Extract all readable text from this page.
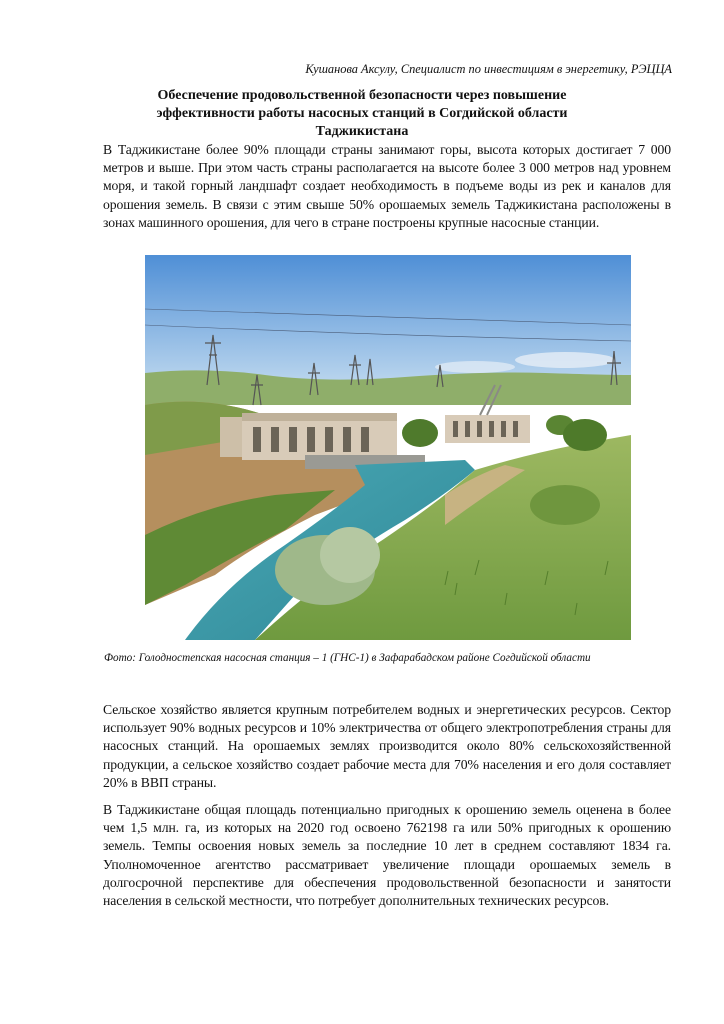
Кушанова Аксулу, Специалист по инвестициям в энергетику, РЭЦЦА
Обеспечение продовольственной безопасности через повышение
эффективности работы насосных станций в Согдийской области
Таджикистана
В Таджикистане более 90% площади страны занимают горы, высота которых достигает 7 000 метров и выше. При этом часть страны располагается на высоте более 3 000 метров над уровнем моря, и такой горный ландшафт создает необходимость в подъеме воды из рек и каналов для орошения земель. В связи с этим свыше 50% орошаемых земель Таджикистана расположены в зонах машинного орошения, для чего в стране построены крупные насосные станции.
Фото: Голодностепская насосная станция – 1 (ГНС-1) в Зафарабадском районе Согдийской области
Сельское хозяйство является крупным потребителем водных и энергетических ресурсов. Сектор использует 90% водных ресурсов и 10% электричества от общего электропотребления страны для насосных станций. На орошаемых землях производится около 80% сельскохозяйственной продукции, а сельское хозяйство создает рабочие места для 70% населения и его доля составляет 20% в ВВП страны.
В Таджикистане общая площадь потенциально пригодных к орошению земель оценена в более чем 1,5 млн. га, из которых на 2020 год освоено 762198 га или 50% пригодных к орошению земель. Темпы освоения новых земель за последние 10 лет в среднем составляют 1834 га. Уполномоченное агентство рассматривает увеличение площади орошаемых земель в долгосрочной перспективе для обеспечения продовольственной безопасности и занятости населения в сельской местности, что потребует дополнительных технических ресурсов.
